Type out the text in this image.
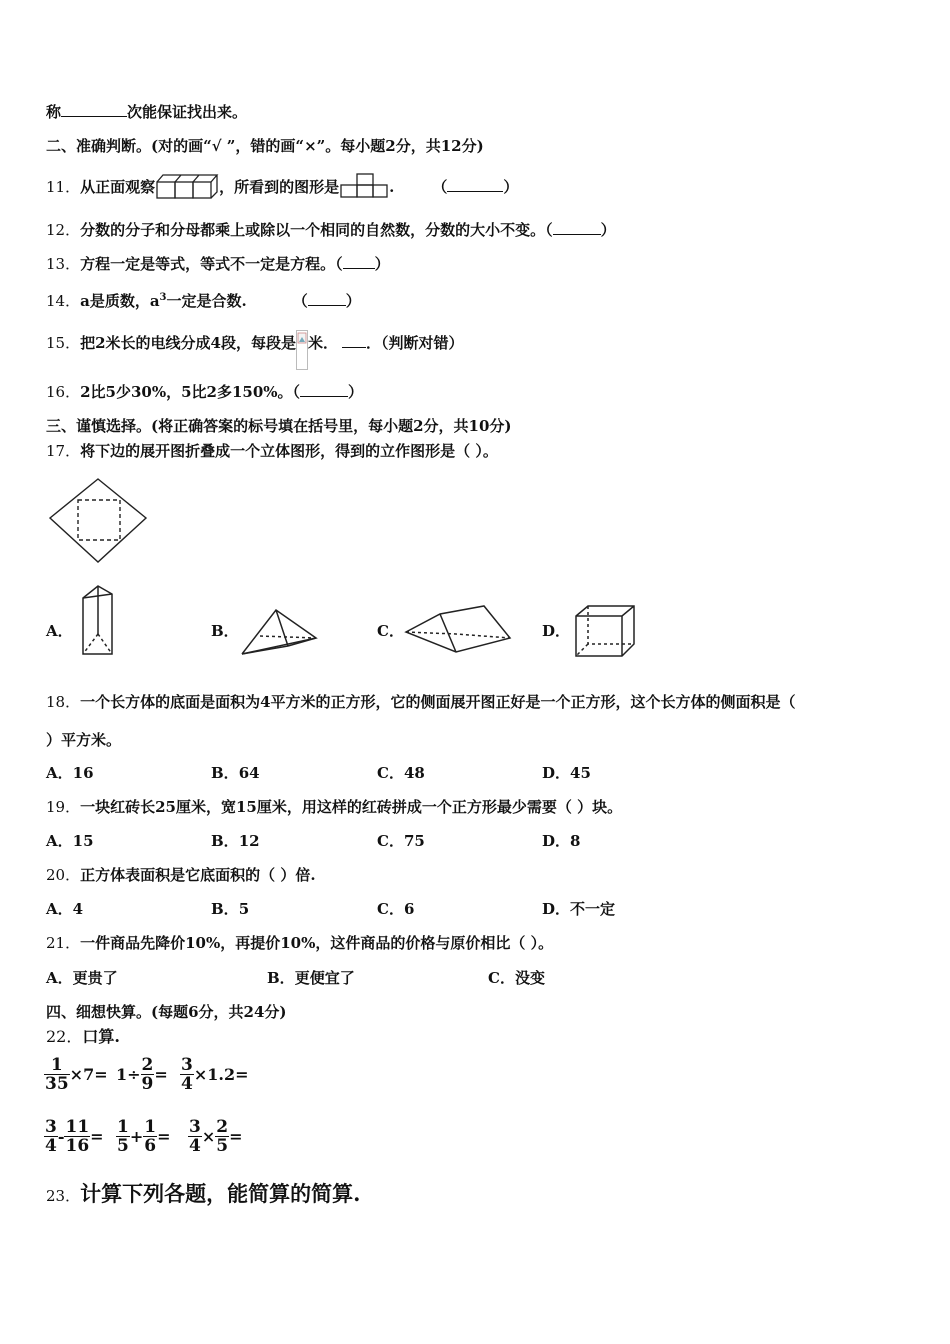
称	次能保证找出来。
二、准确判断。(对的画“√ ”，错的画“×”。每小题2分，共12分)
11．从正面观察	，所看到的图形是	.	（	）
12．分数的分子和分母都乘上或除以一个相同的自然数，分数的大小不变。（	）
13．方程一定是等式，等式不一定是方程。（ ）
14．a是质数，$a^3$一定是合数.	（	）
15．把2米长的电线分成4段，每段是 米． ．（判断对错）
16．2比5少30%，5比2多150%。（	）
三、谨慎选择。(将正确答案的标号填在括号里，每小题2分，共10分)
17．将下边的展开图折叠成一个立体图形，得到的立作图形是（ ）。
A．	B．	C．	D．
18．一个长方体的底面是面积为4平方米的正方形，它的侧面展开图正好是一个正方形，这个长方体的侧面积是（
）平方米。
A．16	B．64	C．48	D．45
19．一块红砖长25厘米，宽15厘米，用这样的红砖拼成一个正方形最少需要（ ）块。
A．15	B．12	C．75	D．8
20．正方体表面积是它底面积的（ ）倍.
A．4	B．5	C．6	D．不一定
21．一件商品先降价10%，再提价10%，这件商品的价格与原价相比（ ）。
A．更贵了	B．更便宜了	C．没变
四、细想快算。(每题6分，共24分)
22．口算.
$\frac{1}{35} \times 7= 1\div \frac{2}{9} = \frac{3}{4} \times 1.2=$
$\frac{3}{4} - \frac{11}{16} = \frac{1}{5} + \frac{1}{6} = \frac{3}{4} \times \frac{2}{5}$ =
23．计算下列各题，能简算的简算.
